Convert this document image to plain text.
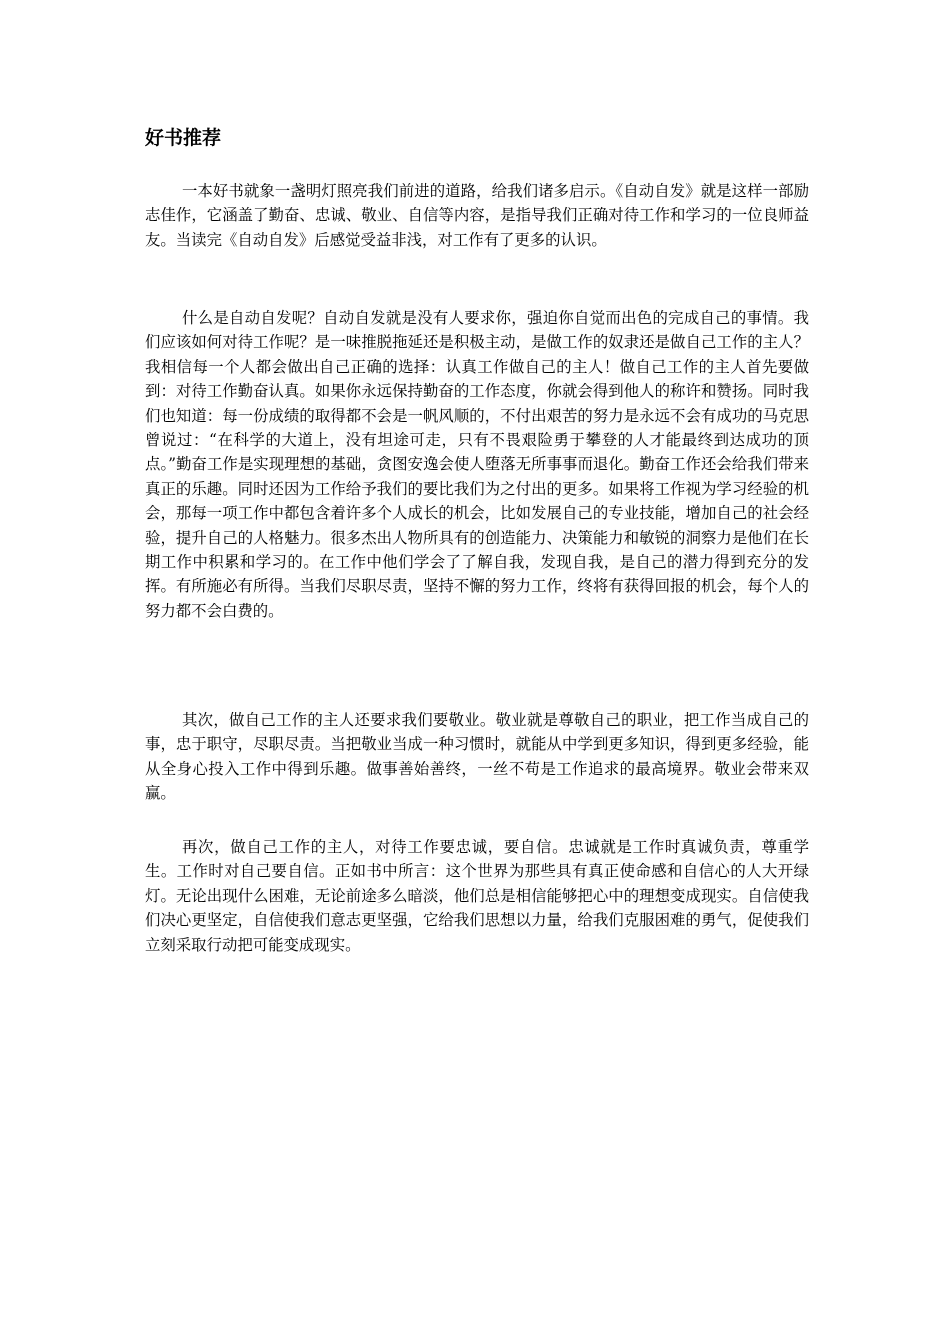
好书推荐

一本好书就象一盏明灯照亮我们前进的道路，给我们诸多启示。《自动自发》就是这样一部励志佳作，它涵盖了勤奋、忠诚、敬业、自信等内容，是指导我们正确对待工作和学习的一位良师益友。当读完《自动自发》后感觉受益非浅，对工作有了更多的认识。

什么是自动自发呢？自动自发就是没有人要求你，强迫你自觉而出色的完成自己的事情。我们应该如何对待工作呢？是一味推脱拖延还是积极主动，是做工作的奴隶还是做自己工作的主人？我相信每一个人都会做出自己正确的选择：认真工作做自己的主人！做自己工作的主人首先要做到：对待工作勤奋认真。如果你永远保持勤奋的工作态度，你就会得到他人的称许和赞扬。同时我们也知道：每一份成绩的取得都不会是一帆风顺的，不付出艰苦的努力是永远不会有成功的马克思曾说过：“在科学的大道上，没有坦途可走，只有不畏艰险勇于攀登的人才能最终到达成功的顶点。”勤奋工作是实现理想的基础，贪图安逸会使人堕落无所事事而退化。勤奋工作还会给我们带来真正的乐趣。同时还因为工作给予我们的要比我们为之付出的更多。如果将工作视为学习经验的机会，那每一项工作中都包含着许多个人成长的机会，比如发展自己的专业技能，增加自己的社会经验，提升自己的人格魅力。很多杰出人物所具有的创造能力、决策能力和敏锐的洞察力是他们在长期工作中积累和学习的。在工作中他们学会了了解自我，发现自我，是自己的潜力得到充分的发挥。有所施必有所得。当我们尽职尽责，坚持不懈的努力工作，终将有获得回报的机会，每个人的努力都不会白费的。

其次，做自己工作的主人还要求我们要敬业。敬业就是尊敬自己的职业，把工作当成自己的事，忠于职守，尽职尽责。当把敬业当成一种习惯时，就能从中学到更多知识，得到更多经验，能从全身心投入工作中得到乐趣。做事善始善终，一丝不苟是工作追求的最高境界。敬业会带来双赢。

再次，做自己工作的主人，对待工作要忠诚，要自信。忠诚就是工作时真诚负责，尊重学生。工作时对自己要自信。正如书中所言：这个世界为那些具有真正使命感和自信心的人大开绿灯。无论出现什么困难，无论前途多么暗淡，他们总是相信能够把心中的理想变成现实。自信使我们决心更坚定，自信使我们意志更坚强，它给我们思想以力量，给我们克服困难的勇气，促使我们立刻采取行动把可能变成现实。
